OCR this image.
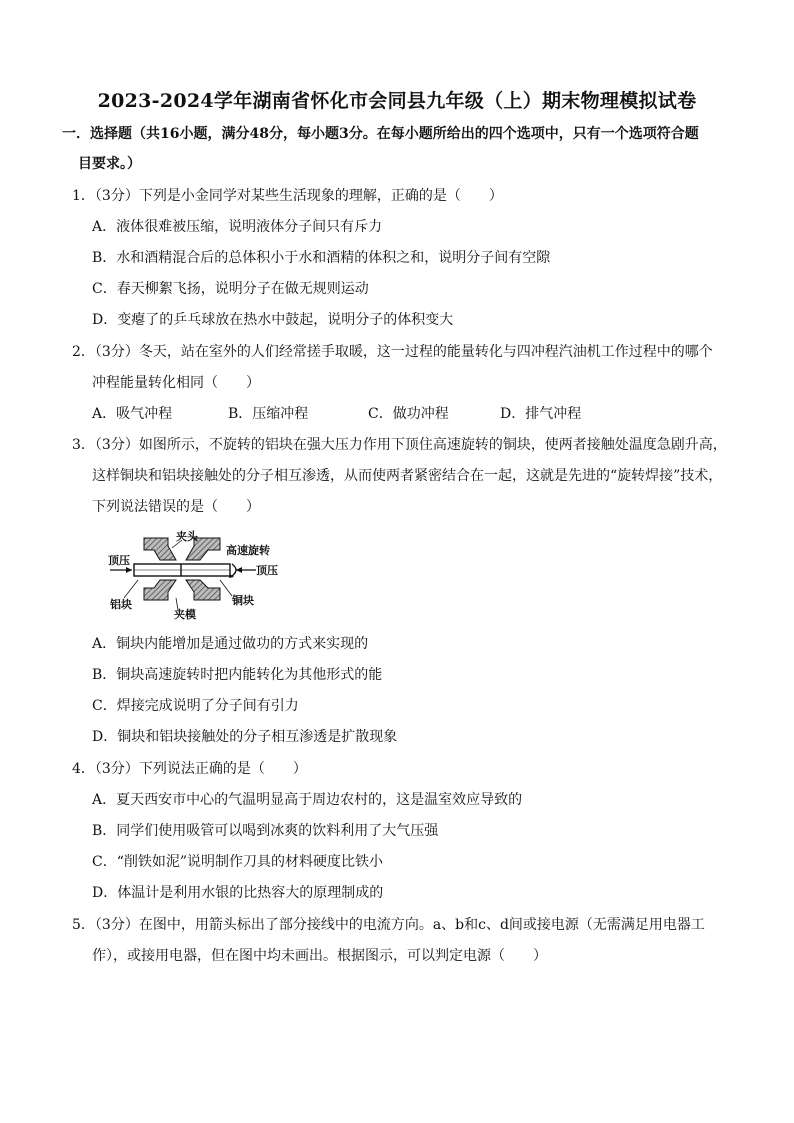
2023-2024学年湖南省怀化市会同县九年级（上）期末物理模拟试卷
一．选择题（共16小题，满分48分，每小题3分。在每小题所给出的四个选项中，只有一个选项符合题
目要求。）
1．（3分）下列是小金同学对某些生活现象的理解，正确的是（　　）
A．液体很难被压缩，说明液体分子间只有斥力
B．水和酒精混合后的总体积小于水和酒精的体积之和，说明分子间有空隙
C．春天柳絮飞扬，说明分子在做无规则运动
D．变瘪了的乒乓球放在热水中鼓起，说明分子的体积变大
2．（3分）冬天，站在室外的人们经常搓手取暖，这一过程的能量转化与四冲程汽油机工作过程中的哪个
冲程能量转化相同（　　）
A．吸气冲程	B．压缩冲程	C．做功冲程	D．排气冲程
3．（3分）如图所示，不旋转的铝块在强大压力作用下顶住高速旋转的铜块，使两者接触处温度急剧升高，
这样铜块和铝块接触处的分子相互渗透，从而使两者紧密结合在一起，这就是先进的“旋转焊接”技术，
下列说法错误的是（　　）
夹头
高速旋转
顶压
顶压
铝块
夹模
铜块
A．铜块内能增加是通过做功的方式来实现的
B．铜块高速旋转时把内能转化为其他形式的能
C．焊接完成说明了分子间有引力
D．铜块和铝块接触处的分子相互渗透是扩散现象
4．（3分）下列说法正确的是（　　）
A．夏天西安市中心的气温明显高于周边农村的，这是温室效应导致的
B．同学们使用吸管可以喝到冰爽的饮料利用了大气压强
C．“削铁如泥”说明制作刀具的材料硬度比铁小
D．体温计是利用水银的比热容大的原理制成的
5．（3分）在图中，用箭头标出了部分接线中的电流方向。a、b和c、d间或接电源（无需满足用电器工
作），或接用电器，但在图中均未画出。根据图示，可以判定电源（　　）
